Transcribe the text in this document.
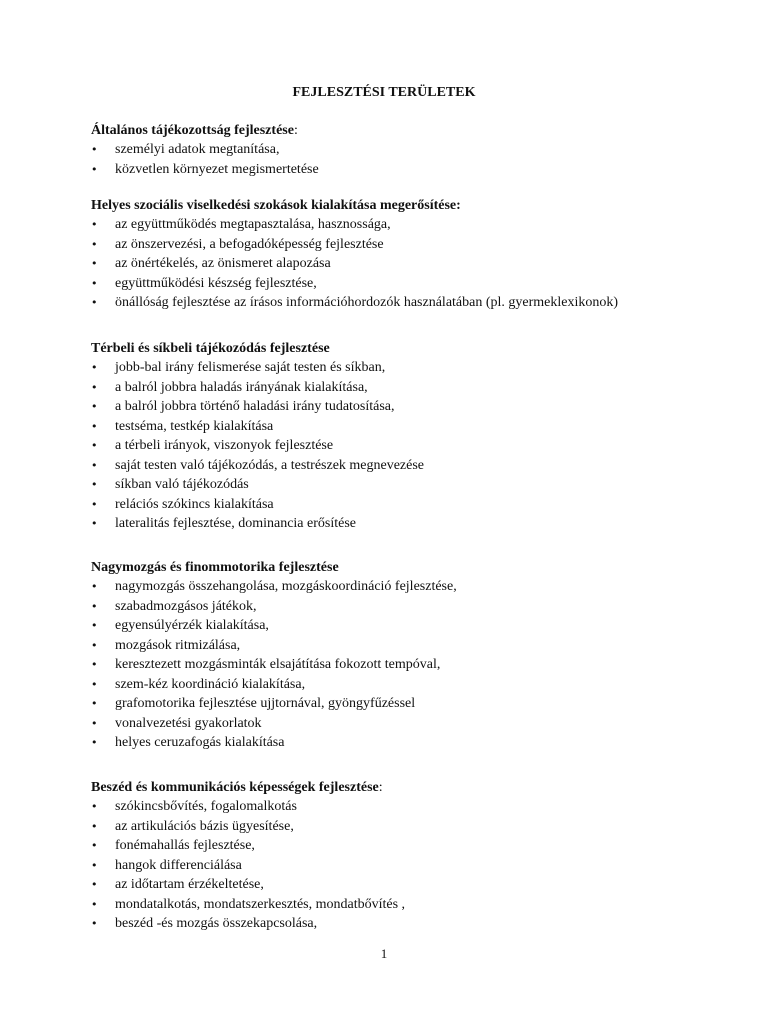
FEJLESZTÉSI TERÜLETEK
Általános tájékozottság fejlesztése:
•	személyi adatok megtanítása,
•	közvetlen környezet megismertetése
Helyes szociális viselkedési szokások kialakítása megerősítése:
•	az együttműködés megtapasztalása, hasznossága,
•	az önszervezési, a befogadóképesség fejlesztése
•	az önértékelés, az önismeret alapozása
•	együttműködési készség fejlesztése,
•	önállóság fejlesztése az írásos információhordozók használatában (pl. gyermeklexikonok)
Térbeli és síkbeli tájékozódás fejlesztése
•	jobb-bal irány felismerése saját testen és síkban,
•	a balról jobbra haladás irányának kialakítása,
•	a balról jobbra történő haladási irány tudatosítása,
•	testséma, testkép kialakítása
•	a térbeli irányok, viszonyok fejlesztése
•	saját testen való tájékozódás, a testrészek megnevezése
•	síkban való tájékozódás
•	relációs szókincs kialakítása
•	lateralitás fejlesztése, dominancia erősítése
Nagymozgás és finommotorika fejlesztése
•	nagymozgás összehangolása, mozgáskoordináció fejlesztése,
•	szabadmozgásos játékok,
•	egyensúlyérzék kialakítása,
•	mozgások ritmizálása,
•	keresztezett mozgásminták elsajátítása fokozott tempóval,
•	szem-kéz koordináció kialakítása,
•	grafomotorika fejlesztése ujjtornával, gyöngyfűzéssel
•	vonalvezetési gyakorlatok
•	helyes ceruzafogás kialakítása
Beszéd és kommunikációs képességek fejlesztése:
•	szókincsbővítés, fogalomalkotás
•	az artikulációs bázis ügyesítése,
•	fonémahallás fejlesztése,
•	hangok differenciálása
•	az időtartam érzékeltetése,
•	mondatalkotás, mondatszerkesztés, mondatbővítés ,
•	beszéd -és mozgás összekapcsolása,
1
